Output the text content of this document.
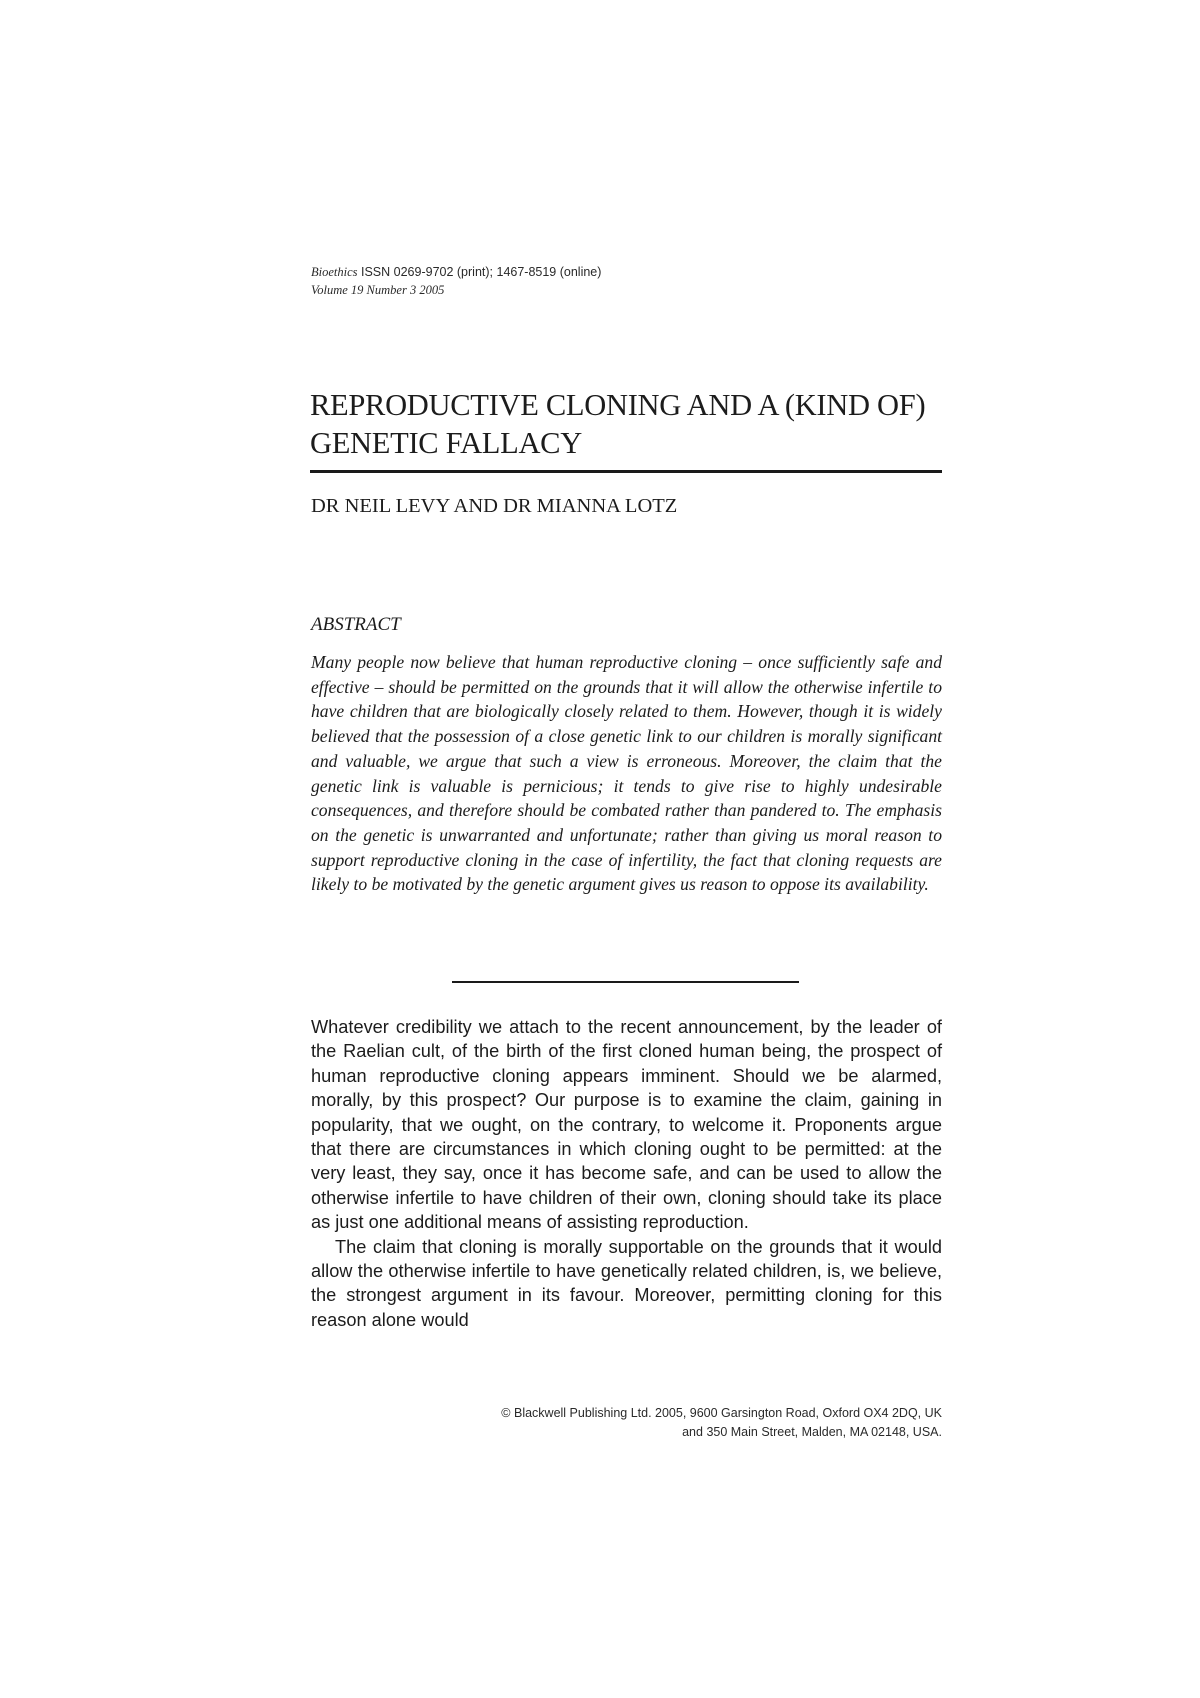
Bioethics ISSN 0269-9702 (print); 1467-8519 (online)
Volume 19 Number 3 2005
REPRODUCTIVE CLONING AND A (KIND OF) GENETIC FALLACY
DR NEIL LEVY AND DR MIANNA LOTZ
ABSTRACT
Many people now believe that human reproductive cloning – once sufficiently safe and effective – should be permitted on the grounds that it will allow the otherwise infertile to have children that are biologically closely related to them. However, though it is widely believed that the possession of a close genetic link to our children is morally significant and valuable, we argue that such a view is erroneous. Moreover, the claim that the genetic link is valuable is pernicious; it tends to give rise to highly undesirable consequences, and therefore should be combated rather than pandered to. The emphasis on the genetic is unwarranted and unfortunate; rather than giving us moral reason to support reproductive cloning in the case of infertility, the fact that cloning requests are likely to be motivated by the genetic argument gives us reason to oppose its availability.

Whatever credibility we attach to the recent announcement, by the leader of the Raelian cult, of the birth of the first cloned human being, the prospect of human reproductive cloning appears imminent. Should we be alarmed, morally, by this prospect? Our purpose is to examine the claim, gaining in popularity, that we ought, on the contrary, to welcome it. Proponents argue that there are circumstances in which cloning ought to be permitted: at the very least, they say, once it has become safe, and can be used to allow the otherwise infertile to have children of their own, cloning should take its place as just one additional means of assisting reproduction.

The claim that cloning is morally supportable on the grounds that it would allow the otherwise infertile to have genetically related children, is, we believe, the strongest argument in its favour. Moreover, permitting cloning for this reason alone would

© Blackwell Publishing Ltd. 2005, 9600 Garsington Road, Oxford OX4 2DQ, UK
and 350 Main Street, Malden, MA 02148, USA.
